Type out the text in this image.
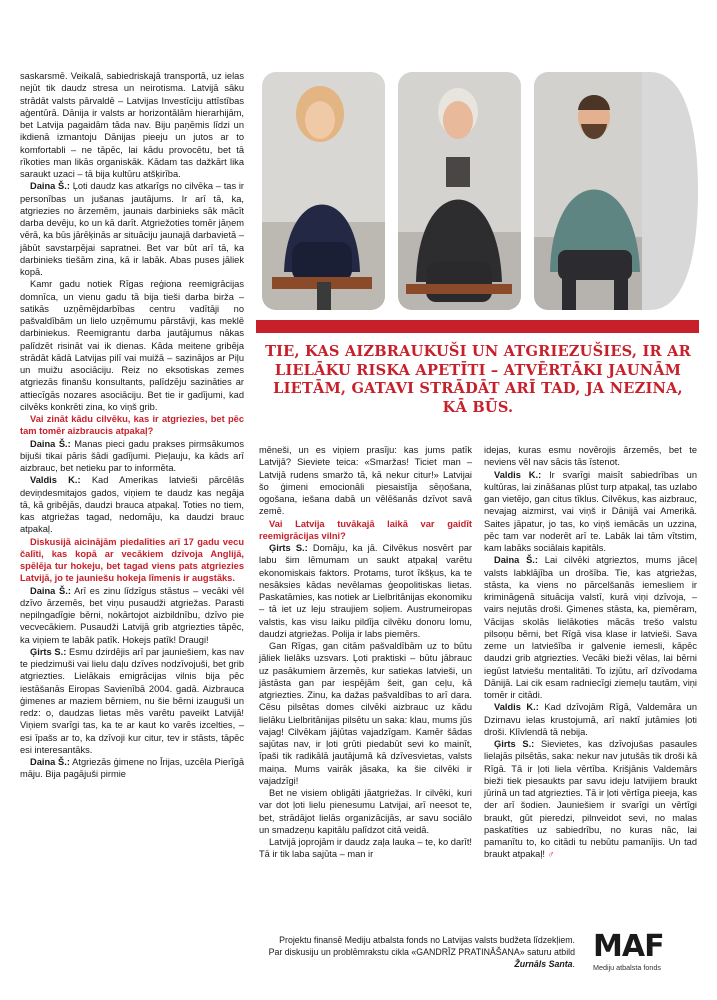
saskarsmē. Veikalā, sabiedriskajā transportā, uz ielas nejūt tik daudz stresa un neirotisma. Latvijā sāku strādāt valsts pārvaldē – Latvijas Investīciju attīstības aģentūrā. Dānija ir valsts ar horizontālām hierarhijām, bet Latvija pagaidām tāda nav. Biju paņēmis līdzi un ikdienā izmantoju Dānijas pieeju un jutos ar to komfortabli – ne tāpēc, lai kādu provocētu, bet tā rīkoties man likās organiskāk. Kādam tas dažkārt lika saraukt uzaci – tā bija kultūru atšķirība.

Daina Š.: Ļoti daudz kas atkarīgs no cilvēka – tas ir personības un jušanas jautājums. Ir arī tā, ka, atgriezies no ārzemēm, jaunais darbinieks sāk mācīt darba devēju, ko un kā darīt. Atgriežoties tomēr jāņem vērā, ka būs jārēķinās ar situāciju jaunajā darbavietā – jābūt savstarpējai sapratnei. Bet var būt arī tā, ka darbinieks tiešām zina, kā ir labāk. Abas puses jāliek kopā.

Kamr gadu notiek Rīgas reģiona reemigrācijas domnīca, un vienu gadu tā bija tieši darba birža – satikās uzņēmējdarbības centru vadītāji no pašvaldībām un lielo uzņēmumu pārstāvji, kas meklē darbiniekus. Reemigrantu darba jautājumus nākas palīdzēt risināt vai ik dienas. Kāda meitene gribēja strādāt kādā Latvijas pilī vai muižā – sazinājos ar Piļu un muižu asociāciju. Reiz no eksotiskas zemes atgriezās finanšu konsultants, palīdzēju sazināties ar attiecīgās nozares asociāciju. Bet tie ir gadījumi, kad cilvēks konkrēti zina, ko viņš grib.

Vai zināt kādu cilvēku, kas ir atgriezies, bet pēc tam tomēr aizbraucis atpakaļ?

Daina Š.: Manas pieci gadu prakses pirmsākumos bijuši tikai pāris šādi gadījumi. Pieļauju, ka kāds arī aizbrauc, bet netieku par to informēta.

Valdis K.: Kad Amerikas latvieši pārcēlās deviņdesmitajos gados, viņiem te daudz kas negāja tā, kā gribējās, daudzi brauca atpakaļ. Toties no tiem, kas atgriežas tagad, nedomāju, ka daudzi brauc atpakaļ.

Diskusijā aicinājām piedalīties arī 17 gadu vecu čalīti, kas kopā ar vecākiem dzīvoja Anglijā, spēlēja tur hokeju, bet tagad viens pats atgriezies Latvijā, jo te jauniešu hokeja līmenis ir augstāks.

Daina Š.: Arī es zinu līdzīgus stāstus – vecāki vēl dzīvo ārzemēs, bet viņu pusaudži atgriežas. Parasti nepilngadīgie bērni, nokārtojot aizbildnību, dzīvo pie vecvecākiem. Pusaudži Latvijā grib atgriezties tāpēc, ka viņiem te labāk patīk. Hokejs patīk! Draugi!

Ģirts S.: Esmu dzirdējis arī par jauniešiem, kas nav te piedzimuši vai lielu daļu dzīves nodzīvojuši, bet grib atgriezties. Lielākais emigrācijas vilnis bija pēc iestāšanās Eiropas Savienībā 2004. gadā. Aizbrauca ģimenes ar maziem bērniem, nu šie bērni izauguši un redz: o, daudzas lietas mēs varētu paveikt Latvijā! Viņiem svarīgi tas, ka te ar kaut ko varēs izcelties, – esi īpašs ar to, ka dzīvoji kur citur, tev ir stāsts, tāpēc esi interesantāks.

Daina Š.: Atgriezās ģimene no Īrijas, uzcēla Pierīgā māju. Bija pagājuši pirmie

TIE, KAS AIZBRAUKUŠI UN ATGRIEZUŠIES, IR AR LIELĀKU RISKA APETĪTI – ATVĒRTĀKI JAUNĀM LIETĀM, GATAVI STRĀDĀT ARĪ TAD, JA NEZINA, KĀ BŪS.

mēneši, un es viņiem prasīju: kas jums patīk Latvijā? Sieviete teica: «Smaržas! Ticiet man – Latvijā rudens smaržo tā, kā nekur citur!» Latvijai šo ģimeni emocionāli piesaistīja sēņošana, ogošana, iešana dabā un vēlēšanās dzīvot savā zemē.

Vai Latvija tuvākajā laikā var gaidīt reemigrācijas vilni?

Ģirts S.: Domāju, ka jā. Cilvēkus nosvērt par labu šim lēmumam un saukt atpakaļ varētu ekonomiskais faktors. Protams, turot īkšķus, ka te nesāksies kādas nevēlamas ģeopolitiskas lietas. Paskatāmies, kas notiek ar Lielbritānijas ekonomiku – tā iet uz leju straujiem soļiem. Austrumeiropas valstis, kas visu laiku pildīja cilvēku donoru lomu, daudzi atgriežas. Polija ir labs piemērs.

Gan Rīgas, gan citām pašvaldībām uz to būtu jāliek lielāks uzsvars. Ļoti praktiski – būtu jābrauc uz pasākumiem ārzemēs, kur satiekas latvieši, un jāstāsta gan par iespējām šeit, gan ceļu, kā atgriezties. Zinu, ka dažas pašvaldības to arī dara. Cēsu pilsētas domes cilvēki aizbrauc uz kādu lielāku Lielbritānijas pilsētu un saka: klau, mums jūs vajag! Cilvēkam jājūtas vajadzīgam. Kamēr šādas sajūtas nav, ir ļoti grūti piedabūt sevi ko mainīt, īpaši tik radikālā jautājumā kā dzīvesvietas, valsts maiņa. Mums vairāk jāsaka, ka šie cilvēki ir vajadzīgi!

Bet ne visiem obligāti jāatgriežas. Ir cilvēki, kuri var dot ļoti lielu pienesumu Latvijai, arī neesot te, bet, strādājot lielās organizācijās, ar savu sociālo un smadzeņu kapitālu palīdzot citā veidā.

Latvijā joprojām ir daudz zaļa lauka – te, ko darīt! Tā ir tik laba sajūta – man ir

idejas, kuras esmu novērojis ārzemēs, bet te neviens vēl nav sācis tās īstenot.

Valdis K.: Ir svarīgi maisīt sabiedrības un kultūras, lai zināšanas plūst turp atpakaļ, tas uzlabo gan vietējo, gan citus tīklus. Cilvēkus, kas aizbrauc, nevajag aizmirst, vai viņš ir Dānijā vai Amerikā. Saites jāpatur, jo tas, ko viņš iemācās un uzzina, pēc tam var noderēt arī te. Labāk lai tām vītstim, kam labāks sociālais kapitāls.

Daina Š.: Lai cilvēki atgrieztos, mums jāceļ valsts labklājība un drošība. Tie, kas atgriežas, stāsta, ka viens no pārcelšanās iemesliem ir krimināgenā situācija valstī, kurā viņi dzīvoja, – vairs nejutās droši. Ģimenes stāsta, ka, piemēram, Vācijas skolās lielākoties mācās trešo valstu pilsoņu bērni, bet Rīgā visa klase ir latvieši. Sava zeme un latviešība ir galvenie iemesli, kāpēc daudzi grib atgriezties. Vecāki bieži vēlas, lai bērni iegūst latviešu mentalitāti. To izjūtu, arī dzīvodama Dānijā. Lai cik esam radniecīgi ziemeļu tautām, viņi tomēr ir citādi.

Valdis K.: Kad dzīvojām Rīgā, Valdemāra un Dzirnavu ielas krustojumā, arī naktī jutāmies ļoti droši. Klīvlendā tā nebija.

Ģirts S.: Sievietes, kas dzīvojušas pasaules lielajās pilsētās, saka: nekur nav jutušās tik droši kā Rīgā. Tā ir ļoti liela vērtība. Krišjānis Valdemārs bieži tiek piesaukts par savu ideju latvijiem braukt jūrinā un tad atgriezties. Tā ir ļoti vērtīga pieeja, kas der arī šodien. Jauniešiem ir svarīgi un vērtīgi braukt, gūt pieredzi, pilnveidot sevi, no malas paskatīties uz sabiedrību, no kuras nāc, lai pamanītu to, ko citādi tu nebūtu pamanījis. Un tad braukt atpakaļ! ♂

Projektu finansē Mediju atbalsta fonds no Latvijas valsts budžeta līdzekļiem.
Par diskusiju un problēmrakstu cikla «GANDRĪZ PRATINĀŠANA» saturu atbild Žurnāls Santa. MAF
Mediju atbalsta fonds
